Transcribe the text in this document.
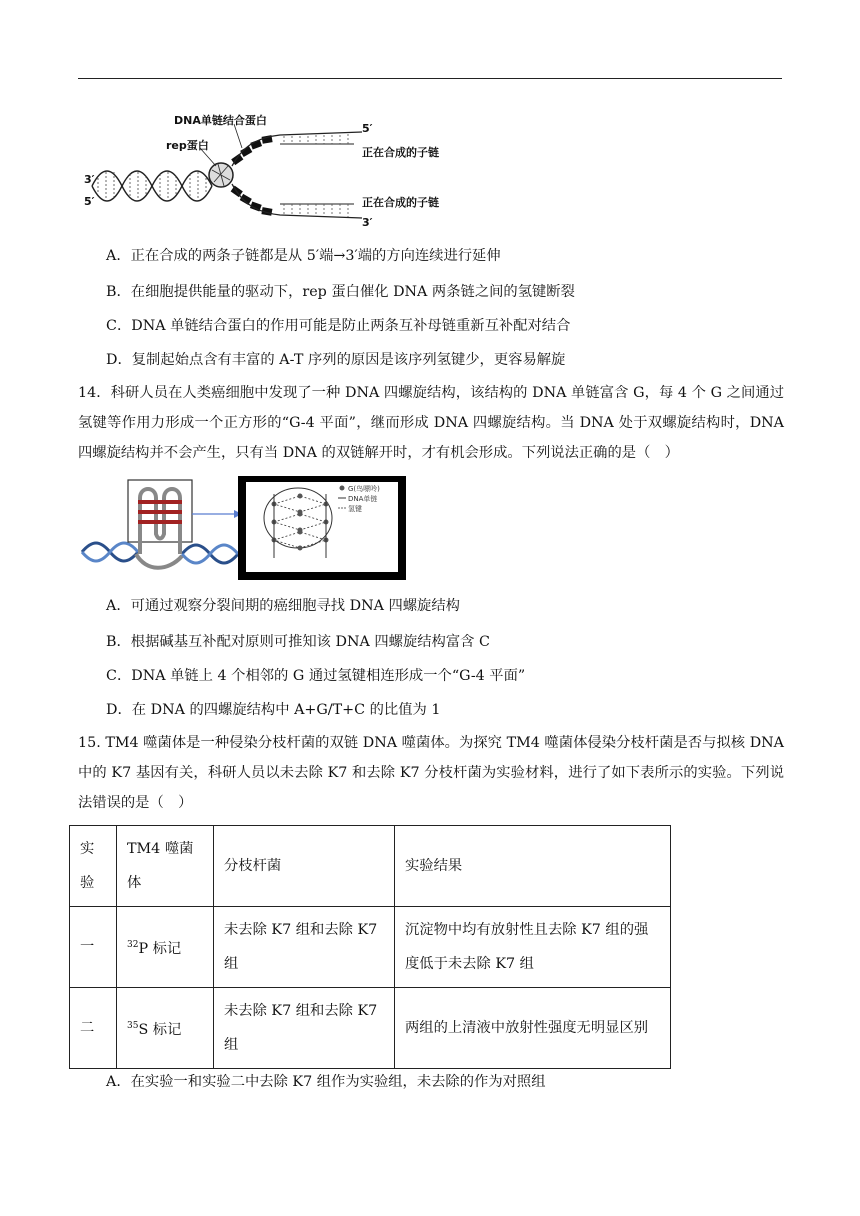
DNA单链结合蛋白
rep蛋白
3′
5′
5′
正在合成的子链
正在合成的子链
3′
A．正在合成的两条子链都是从 5′端→3′端的方向连续进行延伸
B．在细胞提供能量的驱动下，rep 蛋白催化 DNA 两条链之间的氢键断裂
C．DNA 单链结合蛋白的作用可能是防止两条互补母链重新互补配对结合
D．复制起始点含有丰富的 A-T 序列的原因是该序列氢键少，更容易解旋
14．科研人员在人类癌细胞中发现了一种 DNA 四螺旋结构，该结构的 DNA 单链富含 G，每 4 个 G 之间通过氢键等作用力形成一个正方形的“G-4 平面”，继而形成 DNA 四螺旋结构。当 DNA 处于双螺旋结构时，DNA 四螺旋结构并不会产生，只有当 DNA 的双链解开时，才有机会形成。下列说法正确的是（　）
G(鸟嘌呤)
DNA单链
氢键
A．可通过观察分裂间期的癌细胞寻找 DNA 四螺旋结构
B．根据碱基互补配对原则可推知该 DNA 四螺旋结构富含 C
C．DNA 单链上 4 个相邻的 G 通过氢键相连形成一个“G-4 平面”
D．在 DNA 的四螺旋结构中 A+G/T+C 的比值为 1
15. TM4 噬菌体是一种侵染分枝杆菌的双链 DNA 噬菌体。为探究 TM4 噬菌体侵染分枝杆菌是否与拟核 DNA 中的 K7 基因有关，科研人员以未去除 K7 和去除 K7 分枝杆菌为实验材料，进行了如下表所示的实验。下列说法错误的是（　）
实验	TM4 噬菌体	分枝杆菌	实验结果
一	$^{32}$P 标记	未去除 K7 组和去除 K7 组	沉淀物中均有放射性且去除 K7 组的强度低于未去除 K7 组
二	$^{35}$S 标记	未去除 K7 组和去除 K7 组	两组的上清液中放射性强度无明显区别
A．在实验一和实验二中去除 K7 组作为实验组，未去除的作为对照组
